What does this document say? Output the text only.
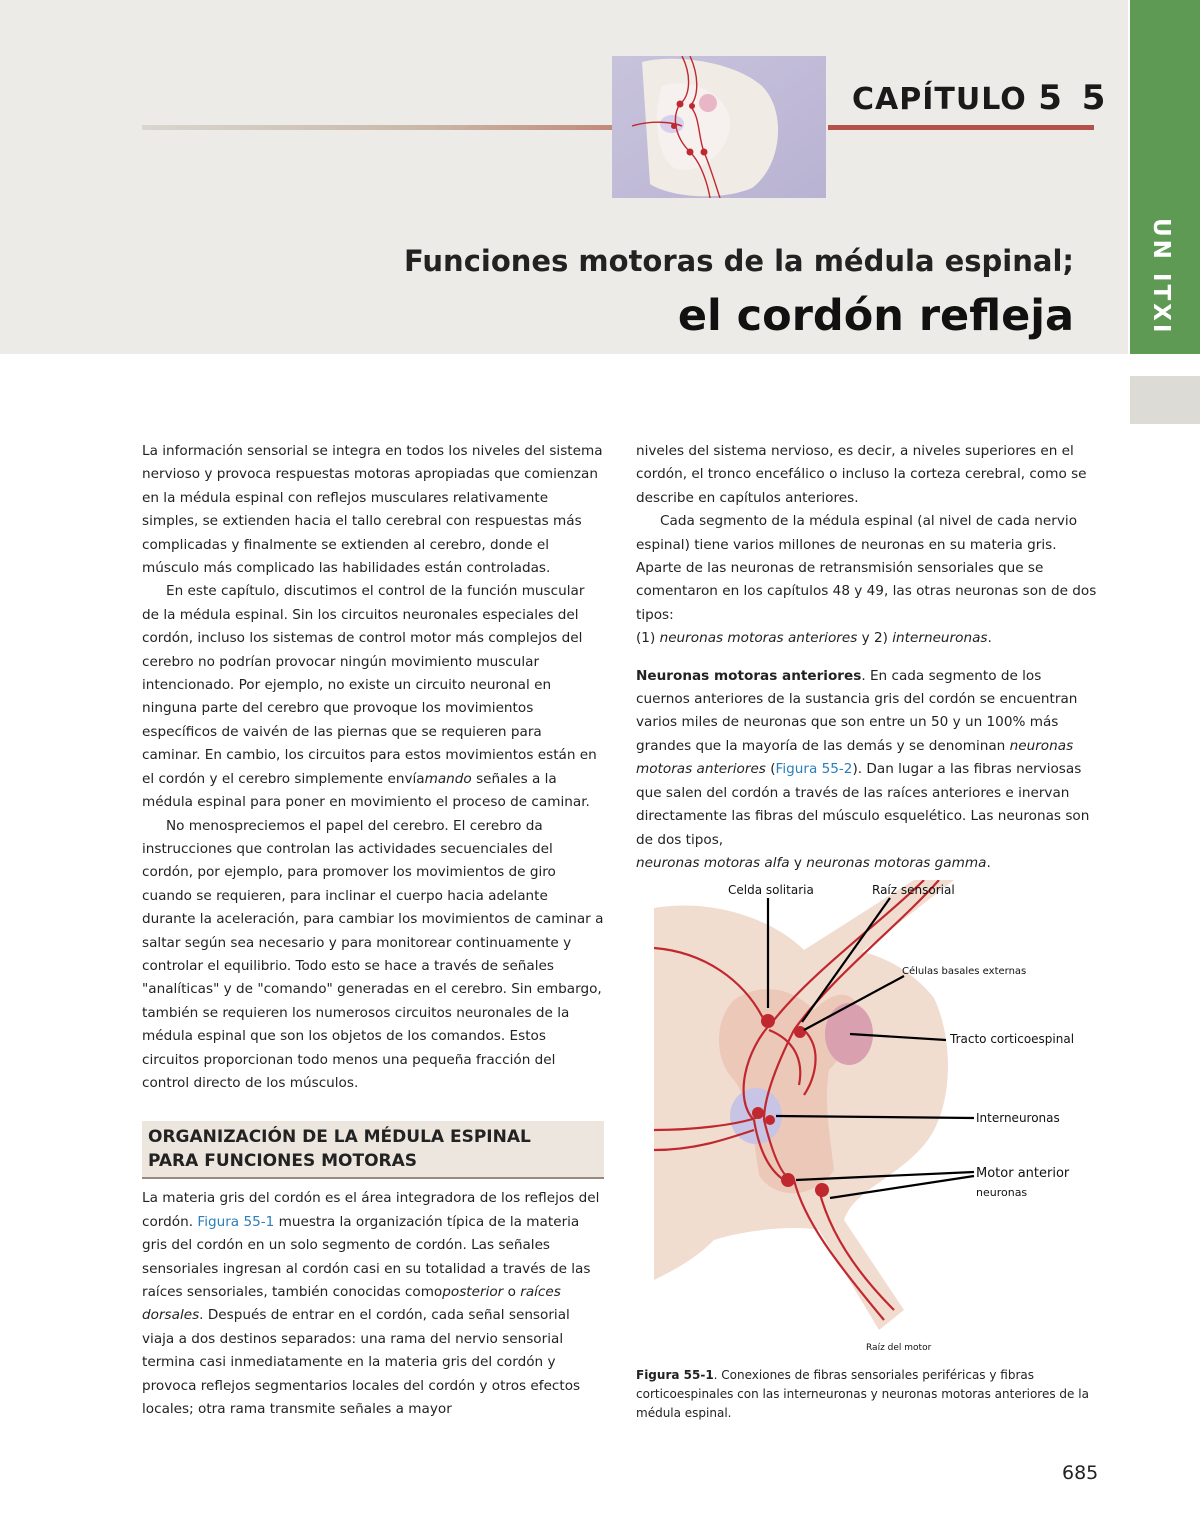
CAPÍTULO 5 5
Funciones motoras de la médula espinal;
el cordón refleja	UN ITXI

La información sensorial se integra en todos los niveles del sistema nervioso y provoca respuestas motoras apropiadas que comienzan en la médula espinal con reflejos musculares relativamente simples, se extienden hacia el tallo cerebral con respuestas más complicadas y finalmente se extienden al cerebro, donde el músculo más complicado las habilidades están controladas.

En este capítulo, discutimos el control de la función muscular de la médula espinal. Sin los circuitos neuronales especiales del cordón, incluso los sistemas de control motor más complejos del cerebro no podrían provocar ningún movimiento muscular intencionado. Por ejemplo, no existe un circuito neuronal en ninguna parte del cerebro que provoque los movimientos específicos de vaivén de las piernas que se requieren para caminar. En cambio, los circuitos para estos movimientos están en el cordón y el cerebro simplemente envíamando señales a la médula espinal para poner en movimiento el proceso de caminar.

No menospreciemos el papel del cerebro. El cerebro da instrucciones que controlan las actividades secuenciales del cordón, por ejemplo, para promover los movimientos de giro cuando se requieren, para inclinar el cuerpo hacia adelante durante la aceleración, para cambiar los movimientos de caminar a saltar según sea necesario y para monitorear continuamente y controlar el equilibrio. Todo esto se hace a través de señales "analíticas" y de "comando" generadas en el cerebro. Sin embargo, también se requieren los numerosos circuitos neuronales de la médula espinal que son los objetos de los comandos. Estos circuitos proporcionan todo menos una pequeña fracción del control directo de los músculos.

ORGANIZACIÓN DE LA MÉDULA ESPINAL
PARA FUNCIONES MOTORAS

La materia gris del cordón es el área integradora de los reflejos del cordón. Figura 55-1 muestra la organización típica de la materia gris del cordón en un solo segmento de cordón. Las señales sensoriales ingresan al cordón casi en su totalidad a través de las raíces sensoriales, también conocidas comoposterior o raíces dorsales. Después de entrar en el cordón, cada señal sensorial viaja a dos destinos separados: una rama del nervio sensorial termina casi inmediatamente en la materia gris del cordón y provoca reflejos segmentarios locales del cordón y otros efectos locales; otra rama transmite señales a mayor

niveles del sistema nervioso, es decir, a niveles superiores en el cordón, el tronco encefálico o incluso la corteza cerebral, como se describe en capítulos anteriores.

Cada segmento de la médula espinal (al nivel de cada nervio espinal) tiene varios millones de neuronas en su materia gris. Aparte de las neuronas de retransmisión sensoriales que se comentaron en los capítulos 48 y 49, las otras neuronas son de dos tipos:
(1) neuronas motoras anteriores y 2) interneuronas.

Neuronas motoras anteriores. En cada segmento de los cuernos anteriores de la sustancia gris del cordón se encuentran varios miles de neuronas que son entre un 50 y un 100% más grandes que la mayoría de las demás y se denominan neuronas motoras anteriores (Figura 55-2). Dan lugar a las fibras nerviosas que salen del cordón a través de las raíces anteriores e inervan directamente las fibras del músculo esquelético. Las neuronas son de dos tipos,
neuronas motoras alfa y neuronas motoras gamma.

Celda solitaria	Raíz sensorial
Células basales externas
Tracto corticoespinal
Interneuronas
Motor anterior
neuronas
Raíz del motor
Figura 55-1. Conexiones de fibras sensoriales periféricas y fibras corticoespinales con las interneuronas y neuronas motoras anteriores de la médula espinal.
685
